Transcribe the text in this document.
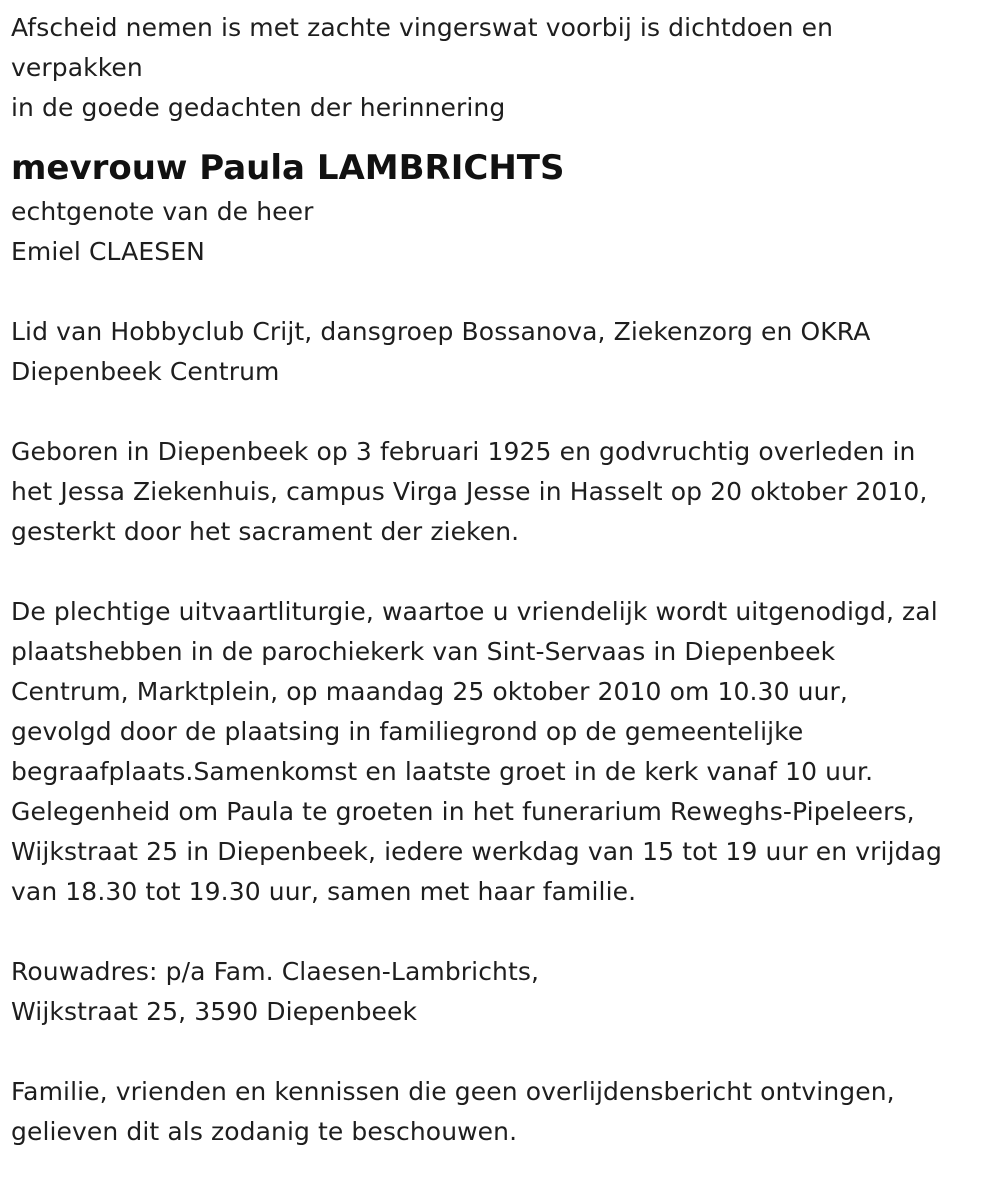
Afscheid nemen is met zachte vingerswat voorbij is dichtdoen en
verpakken
in de goede gedachten der herinnering
mevrouw Paula LAMBRICHTS
echtgenote van de heer
Emiel CLAESEN
Lid van Hobbyclub Crijt, dansgroep Bossanova, Ziekenzorg en OKRA
Diepenbeek Centrum
Geboren in Diepenbeek op 3 februari 1925 en godvruchtig overleden in
het Jessa Ziekenhuis, campus Virga Jesse in Hasselt op 20 oktober 2010,
gesterkt door het sacrament der zieken.
De plechtige uitvaartliturgie, waartoe u vriendelijk wordt uitgenodigd, zal
plaatshebben in de parochiekerk van Sint-Servaas in Diepenbeek
Centrum, Marktplein, op maandag 25 oktober 2010 om 10.30 uur,
gevolgd door de plaatsing in familiegrond op de gemeentelijke
begraafplaats.Samenkomst en laatste groet in de kerk vanaf 10 uur.
Gelegenheid om Paula te groeten in het funerarium Reweghs-Pipeleers,
Wijkstraat 25 in Diepenbeek, iedere werkdag van 15 tot 19 uur en vrijdag
van 18.30 tot 19.30 uur, samen met haar familie.
Rouwadres: p/a Fam. Claesen-Lambrichts,
Wijkstraat 25, 3590 Diepenbeek
Familie, vrienden en kennissen die geen overlijdensbericht ontvingen,
gelieven dit als zodanig te beschouwen.
